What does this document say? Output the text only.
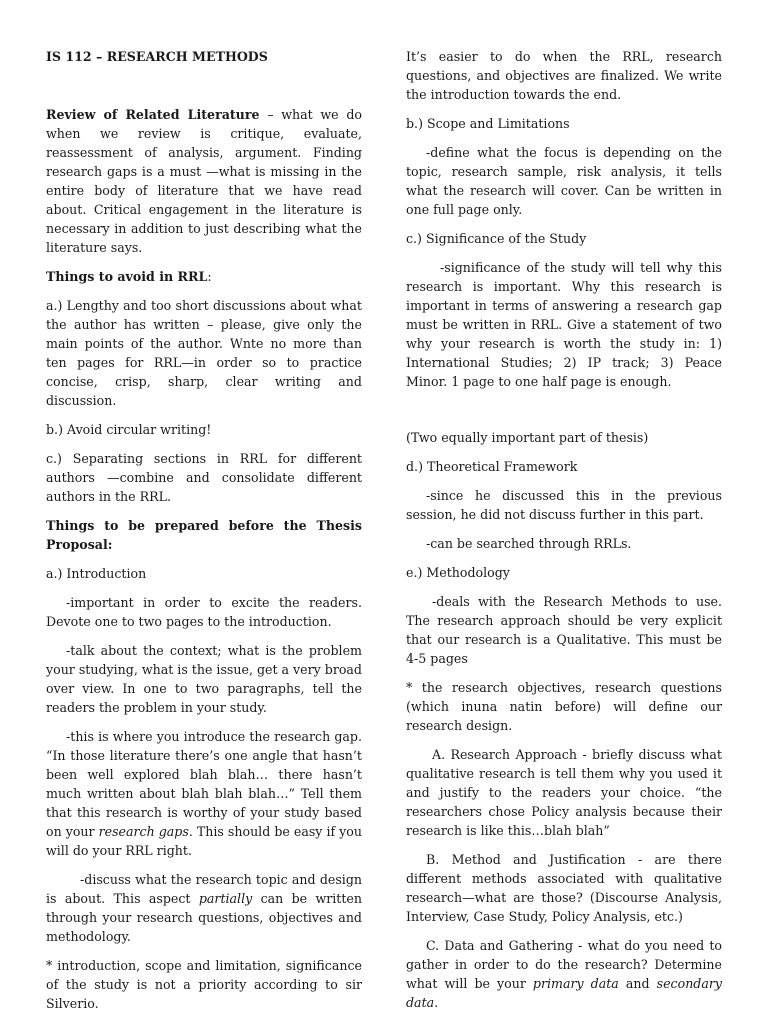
IS 112 – RESEARCH METHODS

Review of Related Literature – what we do when we review is critique, evaluate, reassessment of analysis, argument. Finding research gaps is a must —what is missing in the entire body of literature that we have read about. Critical engagement in the literature is necessary in addition to just describing what the literature says.

Things to avoid in RRL:

a.) Lengthy and too short discussions about what the author has written – please, give only the main points of the author. Wnte no more than ten pages for RRL—in order so to practice concise, crisp, sharp, clear writing and discussion.

b.) Avoid circular writing!

c.) Separating sections in RRL for different authors —combine and consolidate different authors in the RRL.

Things to be prepared before the Thesis Proposal:

a.) Introduction

-important in order to excite the readers. Devote one to two pages to the introduction.

-talk about the context; what is the problem your studying, what is the issue, get a very broad over view. In one to two paragraphs, tell the readers the problem in your study.

-this is where you introduce the research gap. “In those literature there’s one angle that hasn’t been well explored blah blah… there hasn’t much written about blah blah blah…” Tell them that this research is worthy of your study based on your research gaps. This should be easy if you will do your RRL right.

-discuss what the research topic and design is about. This aspect partially can be written through your research questions, objectives and methodology.

* introduction, scope and limitation, significance of the study is not a priority according to sir Silverio.

It’s easier to do when the RRL, research questions, and objectives are finalized. We write the introduction towards the end.

b.) Scope and Limitations

-define what the focus is depending on the topic, research sample, risk analysis, it tells what the research will cover. Can be written in one full page only.

c.) Significance of the Study

-significance of the study will tell why this research is important. Why this research is important in terms of answering a research gap must be written in RRL. Give a statement of two why your research is worth the study in: 1) International Studies; 2) IP track; 3) Peace Minor. 1 page to one half page is enough.

(Two equally important part of thesis)

d.) Theoretical Framework

-since he discussed this in the previous session, he did not discuss further in this part.

-can be searched through RRLs.

e.) Methodology

-deals with the Research Methods to use. The research approach should be very explicit that our research is a Qualitative. This must be 4-5 pages

* the research objectives, research questions (which inuna natin before) will define our research design.

A. Research Approach - briefly discuss what qualitative research is tell them why you used it and justify to the readers your choice. “the researchers chose Policy analysis because their research is like this…blah blah”

B. Method and Justification - are there different methods associated with qualitative research—what are those? (Discourse Analysis, Interview, Case Study, Policy Analysis, etc.)

C. Data and Gathering - what do you need to gather in order to do the research? Determine what will be your primary data and secondary data.
